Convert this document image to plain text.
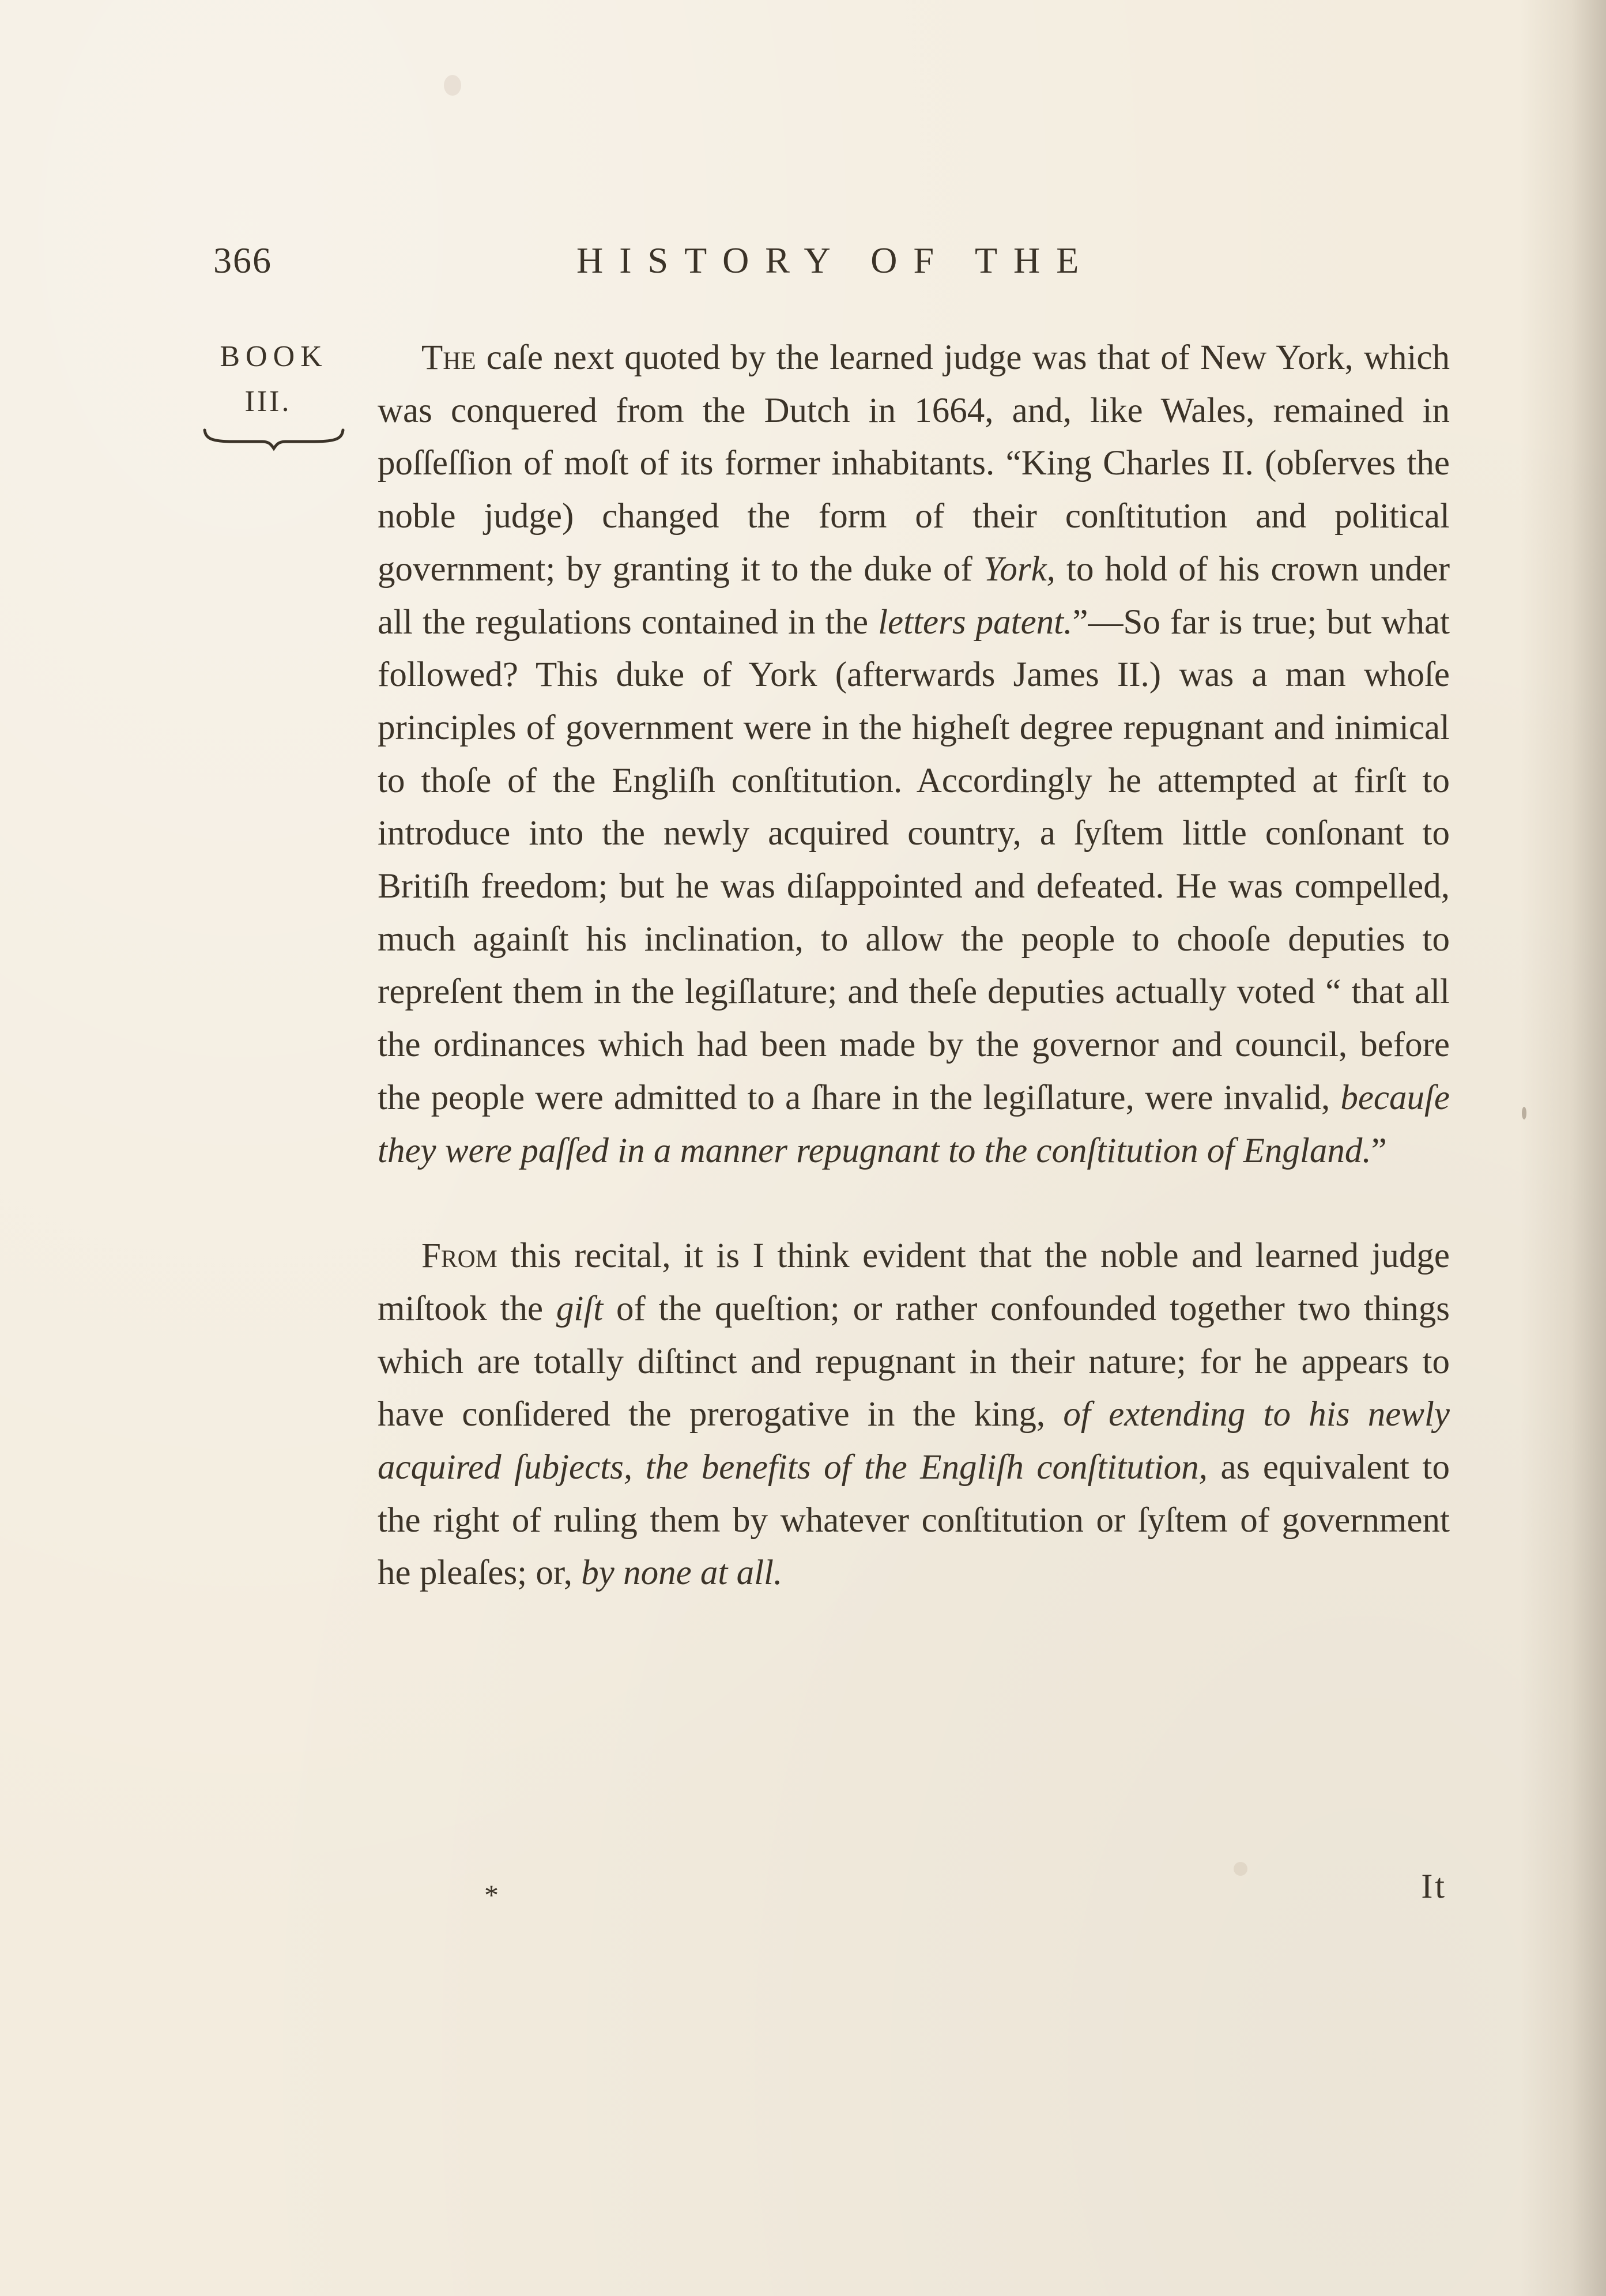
366	HISTORY OF THE
BOOK
III.

The caſe next quoted by the learned judge was that of New York, which was conquered from the Dutch in 1664, and, like Wales, remained in poſſeſſion of moſt of its former inhabitants. “King Charles II. (obſerves the noble judge) changed the form of their conſtitution and political government; by granting it to the duke of York, to hold of his crown under all the regulations contained in the letters patent.”—So far is true; but what followed? This duke of York (afterwards James II.) was a man whoſe principles of government were in the higheſt degree repugnant and inimical to thoſe of the Engliſh conſtitution. Accordingly he attempted at firſt to introduce into the newly acquired country, a ſyſtem little conſonant to Britiſh freedom; but he was diſappointed and defeated. He was compelled, much againſt his inclination, to allow the people to chooſe deputies to repreſent them in the legiſlature; and theſe deputies actually voted “ that all the ordinances which had been made by the governor and council, before the people were admitted to a ſhare in the legiſlature, were invalid, becauſe they were paſſed in a manner repugnant to the conſtitution of England.”

From this recital, it is I think evident that the noble and learned judge miſtook the giſt of the queſtion; or rather confounded together two things which are totally diſtinct and repugnant in their nature; for he appears to have conſidered the prerogative in the king, of extending to his newly acquired ſubjects, the benefits of the Engliſh conſtitution, as equivalent to the right of ruling them by whatever conſtitution or ſyſtem of government he pleaſes; or, by none at all.

*	It
